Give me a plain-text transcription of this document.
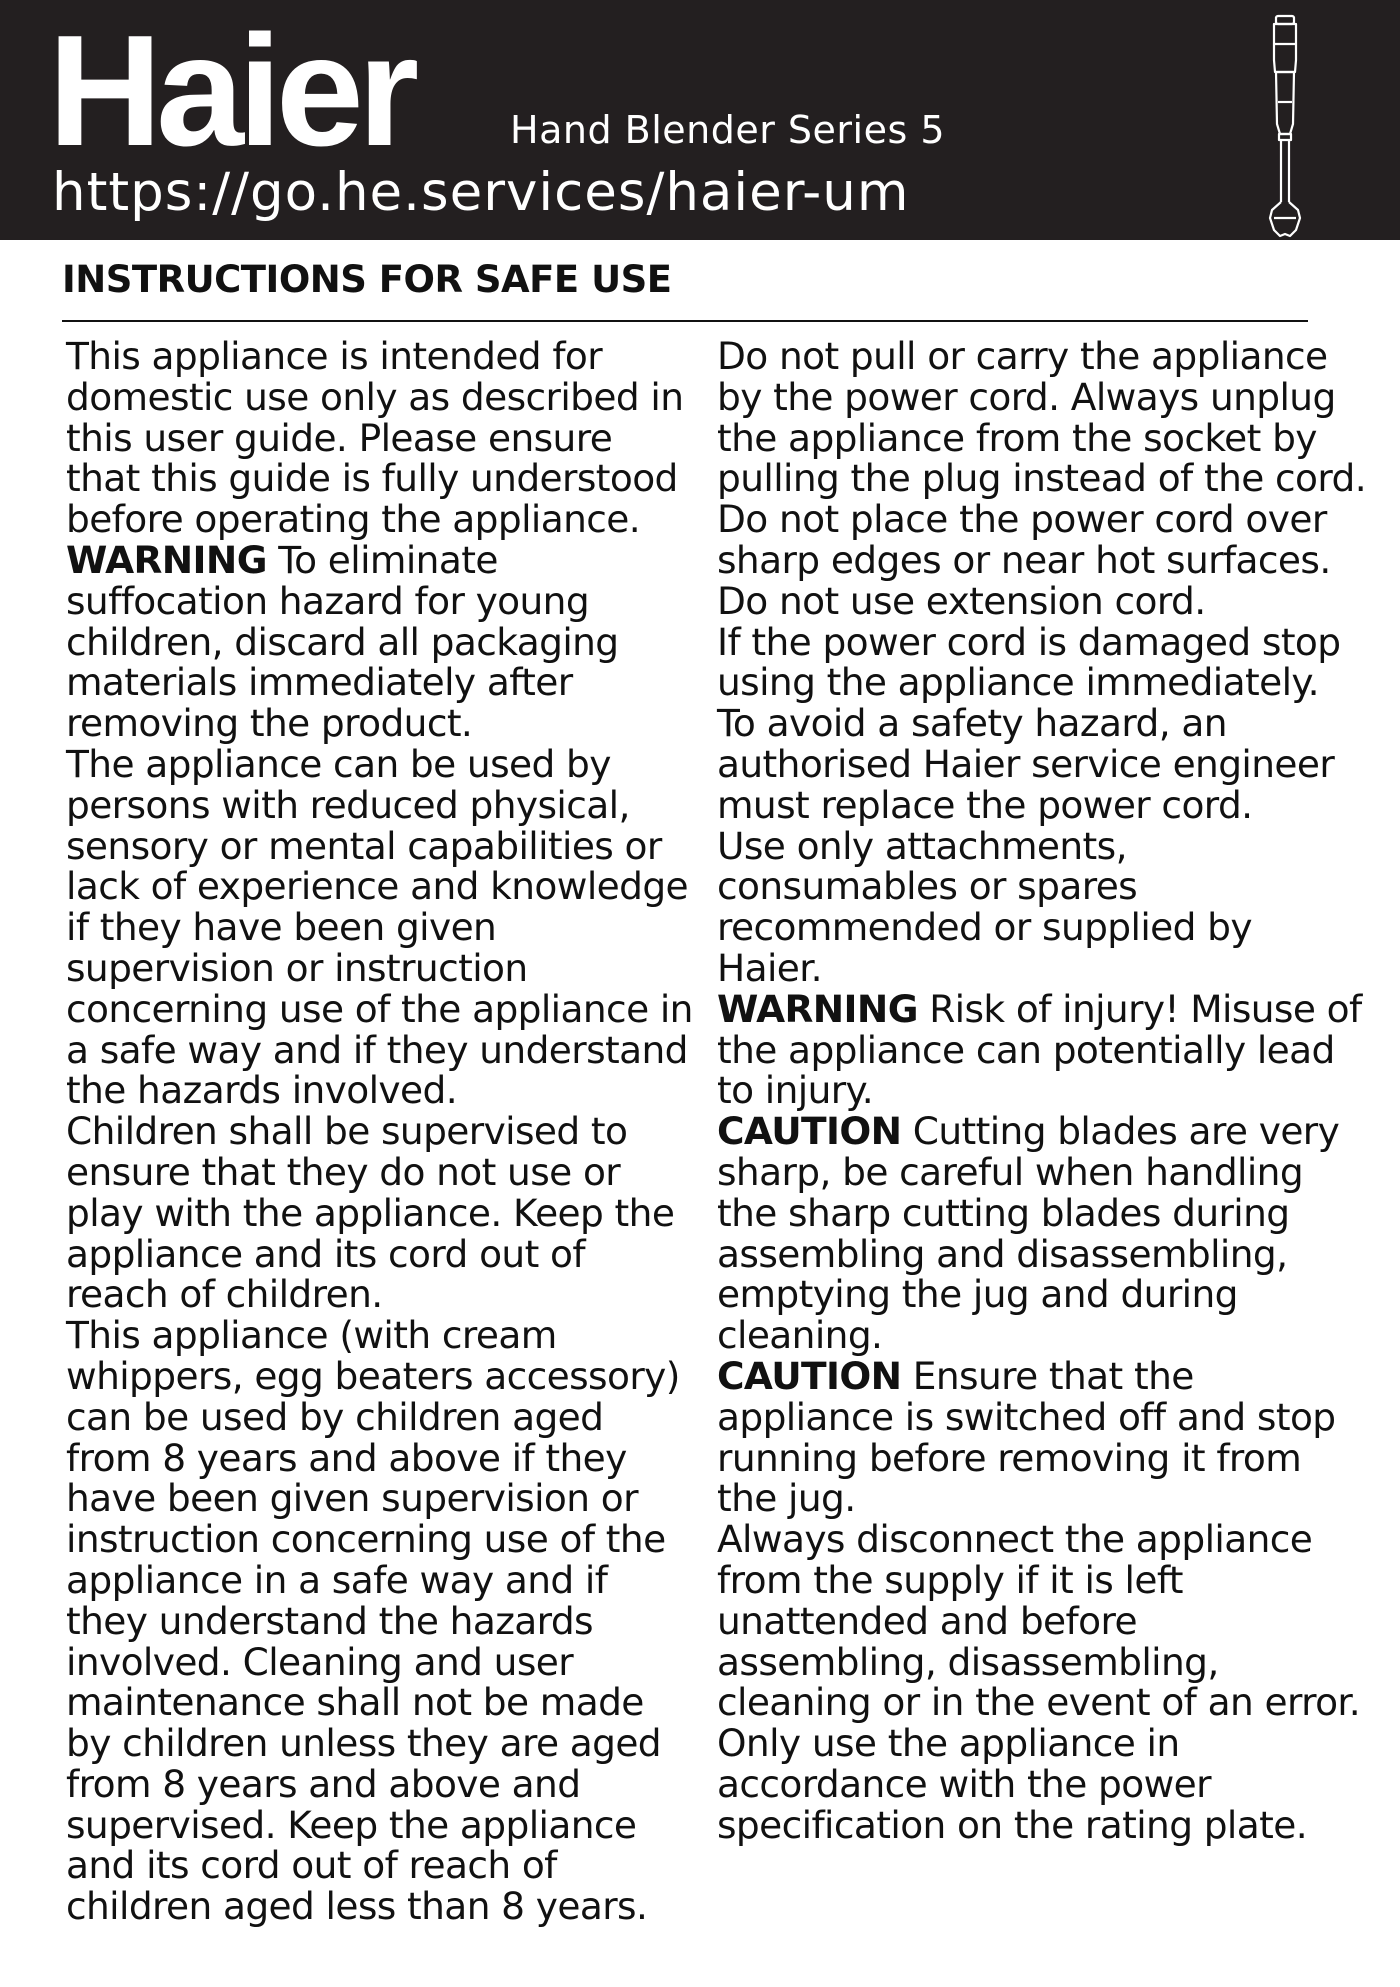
Haier	Hand Blender Series 5
https://go.he.services/haier-um
INSTRUCTIONS FOR SAFE USE

This appliance is intended for domestic use only as described in this user guide. Please ensure that this guide is fully understood before operating the appliance.

WARNING To eliminate suffocation hazard for young children, discard all packaging materials immediately after removing the product.

The appliance can be used by persons with reduced physical, sensory or mental capabilities or lack of experience and knowledge if they have been given supervision or instruction concerning use of the appliance in a safe way and if they understand the hazards involved.

Children shall be supervised to ensure that they do not use or play with the appliance. Keep the appliance and its cord out of reach of children.

This appliance (with cream whippers, egg beaters accessory) can be used by children aged from 8 years and above if they have been given supervision or instruction concerning use of the appliance in a safe way and if they understand the hazards involved. Cleaning and user maintenance shall not be made by children unless they are aged from 8 years and above and supervised. Keep the appliance and its cord out of reach of children aged less than 8 years.

Do not pull or carry the appliance by the power cord. Always unplug the appliance from the socket by pulling the plug instead of the cord. Do not place the power cord over sharp edges or near hot surfaces. Do not use extension cord.

If the power cord is damaged stop using the appliance immediately. To avoid a safety hazard, an authorised Haier service engineer must replace the power cord.

Use only attachments, consumables or spares recommended or supplied by Haier.

WARNING Risk of injury! Misuse of the appliance can potentially lead to injury.

CAUTION Cutting blades are very sharp, be careful when handling the sharp cutting blades during assembling and disassembling, emptying the jug and during cleaning.

CAUTION Ensure that the appliance is switched off and stop running before removing it from the jug.

Always disconnect the appliance from the supply if it is left unattended and before assembling, disassembling, cleaning or in the event of an error.

Only use the appliance in accordance with the power specification on the rating plate.
